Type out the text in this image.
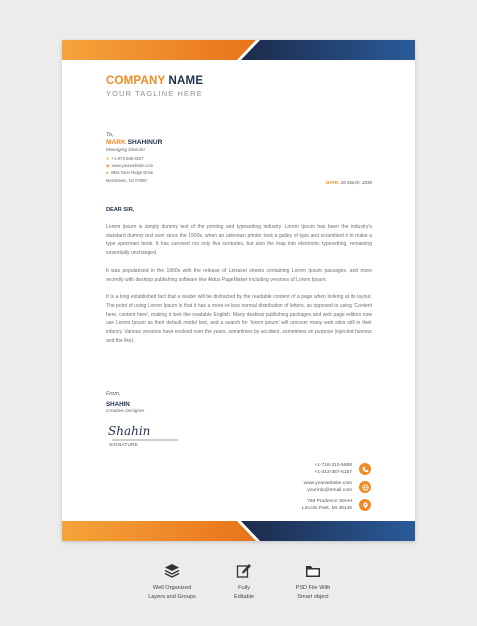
COMPANY NAME
YOUR TAGLINE HERE
To,
MARK SHAHINUR
Managing Director
✆ +1-973-538-9187
◉ www.yourwebsite.com
● 4961 Deer Ridge Drive
Morristown, NJ 07960	DATE: 26 March, 2030
DEAR SIR,

Lorem Ipsum is simply dummy text of the printing and typesetting industry. Lorem Ipsum has been the industry's standard dummy text ever since the 1500s, when an unknown printer took a galley of type and scrambled it to make a type specimen book. It has survived not only five centuries, but also the leap into electronic typesetting, remaining essentially unchanged.

It was popularised in the 1960s with the release of Letraset sheets containing Lorem Ipsum passages, and more recently with desktop publishing software like Aldus PageMaker including versions of Lorem Ipsum.

It is a long established fact that a reader will be distracted by the readable content of a page when looking at its layout. The point of using Lorem Ipsum is that it has a more-or-less normal distribution of letters, as opposed to using 'Content here, content here', making it look like readable English. Many desktop publishing packages and web page editors now use Lorem Ipsum as their default model text, and a search for 'lorem ipsum' will uncover many web sites still in their infancy. Various versions have evolved over the years, sometimes by accident, sometimes on purpose (injected humour and the like).

From,
SHAHIN
Creative Designer
Shahin
SIGNATURE
+1-718-310-5588
+1-313-387-6167
www.yourwebsite.com
yourinfo@email.com
769 Prudence Street
Lincoln Park, MI 48146
Well Organized
Layers and Groups
Fully
Editable
PSD File With
Smart object
